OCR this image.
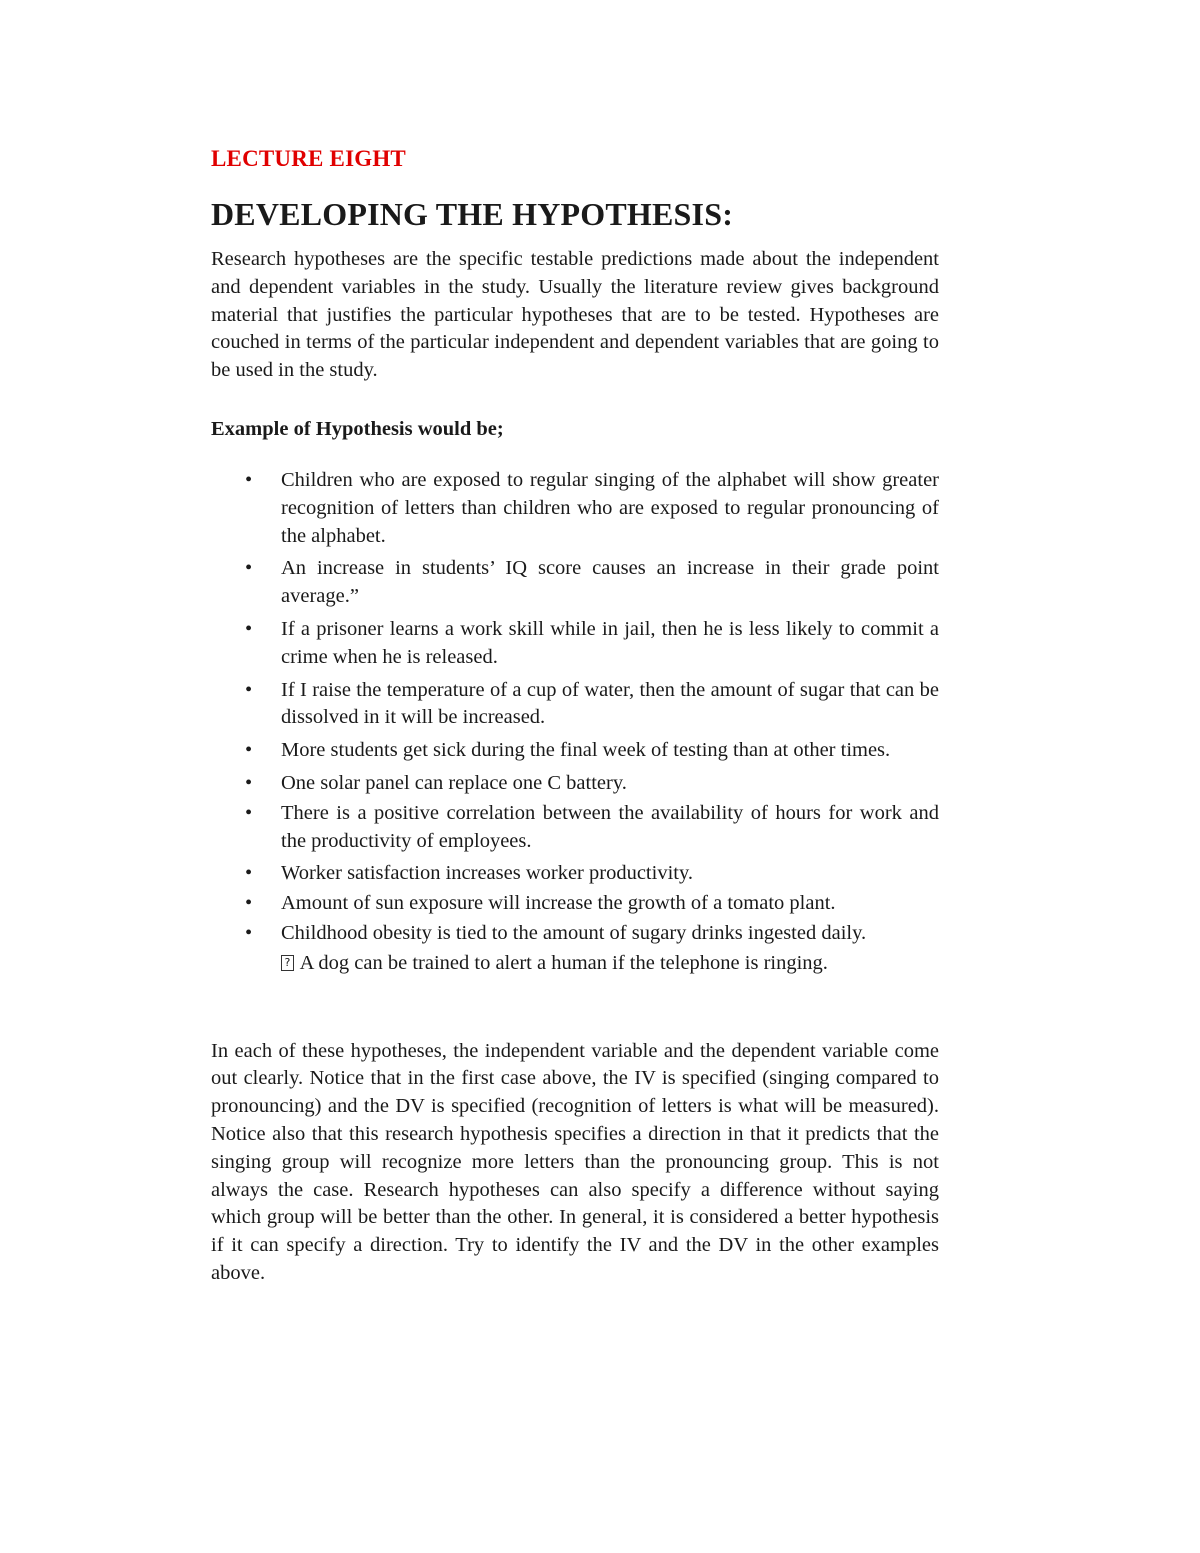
LECTURE EIGHT
DEVELOPING THE HYPOTHESIS:

Research hypotheses are the specific testable predictions made about the independent and dependent variables in the study. Usually the literature review gives background material that justifies the particular hypotheses that are to be tested. Hypotheses are couched in terms of the particular independent and dependent variables that are going to be used in the study.

Example of Hypothesis would be;
• Children who are exposed to regular singing of the alphabet will show greater recognition of letters than children who are exposed to regular pronouncing of the alphabet.
• An increase in students’ IQ score causes an increase in their grade point average.”
• If a prisoner learns a work skill while in jail, then he is less likely to commit a crime when he is released.
• If I raise the temperature of a cup of water, then the amount of sugar that can be dissolved in it will be increased.
• More students get sick during the final week of testing than at other times.
• One solar panel can replace one C battery.
• There is a positive correlation between the availability of hours for work and the productivity of employees.
• Worker satisfaction increases worker productivity.
• Amount of sun exposure will increase the growth of a tomato plant.
• Childhood obesity is tied to the amount of sugary drinks ingested daily.

? A dog can be trained to alert a human if the telephone is ringing.

In each of these hypotheses, the independent variable and the dependent variable come out clearly. Notice that in the first case above, the IV is specified (singing compared to pronouncing) and the DV is specified (recognition of letters is what will be measured). Notice also that this research hypothesis specifies a direction in that it predicts that the singing group will recognize more letters than the pronouncing group. This is not always the case. Research hypotheses can also specify a difference without saying which group will be better than the other. In general, it is considered a better hypothesis if it can specify a direction. Try to identify the IV and the DV in the other examples above.
